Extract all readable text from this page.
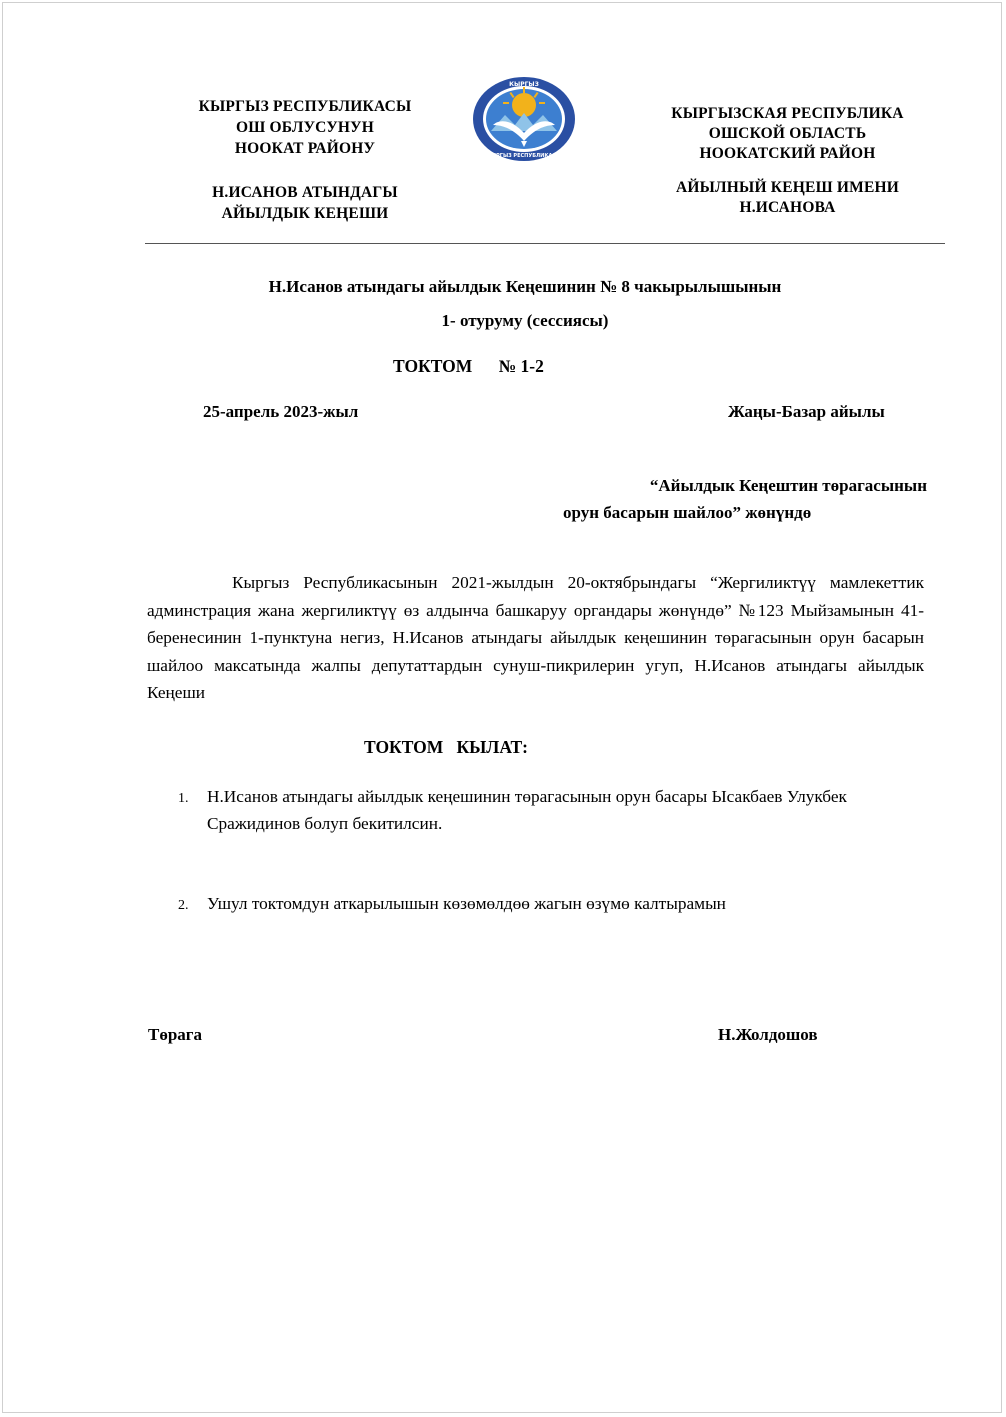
КЫРГЫЗ РЕСПУБЛИКАСЫ
ОШ ОБЛУСУНУН
НООКАТ РАЙОНУ
Н.ИСАНОВ АТЫНДАГЫ
АЙЫЛДЫК КЕҢЕШИ
КЫРГЫЗ
КЫРГЫЗ РЕСПУБЛИКАСЫ
КЫРГЫЗСКАЯ РЕСПУБЛИКА
ОШСКОЙ ОБЛАСТЬ
НООКАТСКИЙ РАЙОН
АЙЫЛНЫЙ КЕҢЕШ ИМЕНИ
Н.ИСАНОВА
Н.Исанов атындагы айылдык Кеңешинин № 8 чакырылышынын
1- отуруму (сессиясы)
ТОКТОМ      № 1-2
25-апрель 2023-жыл	Жаңы-Базар айылы
“Айылдык Кеңештин төрагасынын
орун басарын шайлоо” жөнүндө
Кыргыз Республикасынын 2021-жылдын 20-октябрындагы “Жергиликтүү мамлекеттик админстрация жана жергиликтүү өз алдынча башкаруу органдары жөнүндө” №123 Мыйзамынын 41-беренесинин 1-пунктуна негиз, Н.Исанов атындагы айылдык кеңешинин төрагасынын орун басарын шайлоо максатында жалпы депутаттардын сунуш-пикрилерин угуп, Н.Исанов атындагы айылдык Кеңеши
ТОКТОМ   КЫЛАТ:
1. Н.Исанов атындагы айылдык кеңешинин төрагасынын орун басары Ысакбаев Улукбек Сражидинов болуп бекитилсин.
2. Ушул токтомдун аткарылышын көзөмөлдөө жагын өзүмө калтырамын
Төрага	Н.Жолдошов
